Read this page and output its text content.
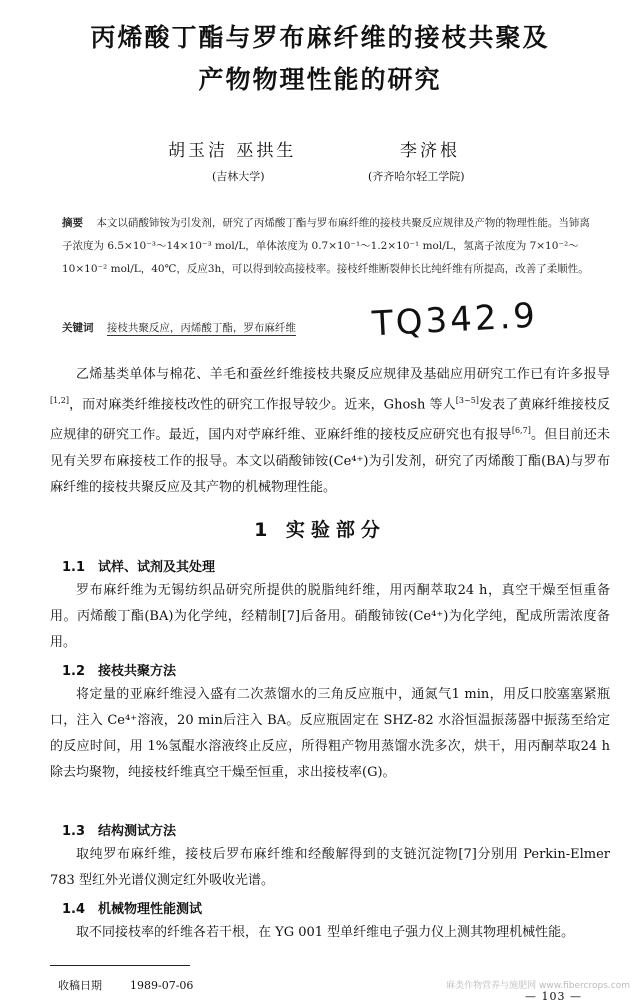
丙烯酸丁酯与罗布麻纤维的接枝共聚及
产物物理性能的研究
胡玉洁 巫拱生	李济根
(吉林大学)	(齐齐哈尔轻工学院)
摘要 本文以硝酸铈铵为引发剂，研究了丙烯酸丁酯与罗布麻纤维的接枝共聚反应规律及产物的物理性能。当铈离子浓度为 6.5×10⁻³～14×10⁻³ mol/L，单体浓度为 0.7×10⁻¹～1.2×10⁻¹ mol/L，氢离子浓度为 7×10⁻²～10×10⁻² mol/L，40℃，反应3h，可以得到较高接枝率。接枝纤维断裂伸长比纯纤维有所提高，改善了柔顺性。
关键词 接枝共聚反应，丙烯酸丁酯，罗布麻纤维 TQ342.9
乙烯基类单体与棉花、羊毛和蚕丝纤维接枝共聚反应规律及基础应用研究工作已有许多报导[1,2]，而对麻类纤维接枝改性的研究工作报导较少。近来，Ghosh 等人[3~5]发表了黄麻纤维接枝反应规律的研究工作。最近，国内对苧麻纤维、亚麻纤维的接枝反应研究也有报导[6,7]。但目前还未见有关罗布麻接枝工作的报导。本文以硝酸铈铵(Ce⁴⁺)为引发剂，研究了丙烯酸丁酯(BA)与罗布麻纤维的接枝共聚反应及其产物的机械物理性能。
1 实验部分
1.1 试样、试剂及其处理
罗布麻纤维为无锡纺织品研究所提供的脱脂纯纤维，用丙酮萃取24 h，真空干燥至恒重备用。丙烯酸丁酯(BA)为化学纯，经精制[7]后备用。硝酸铈铵(Ce⁴⁺)为化学纯，配成所需浓度备用。
1.2 接枝共聚方法
将定量的亚麻纤维浸入盛有二次蒸馏水的三角反应瓶中，通氮气1 min，用反口胶塞塞紧瓶口，注入 Ce⁴⁺溶液，20 min后注入 BA。反应瓶固定在 SHZ-82 水浴恒温振荡器中振荡至给定的反应时间，用 1%氢醌水溶液终止反应，所得粗产物用蒸馏水洗多次，烘干，用丙酮萃取24 h除去均聚物，纯接枝纤维真空干燥至恒重，求出接枝率(G)。
1.3 结构测试方法
取纯罗布麻纤维，接枝后罗布麻纤维和经酸解得到的支链沉淀物[7]分别用 Perkin-Elmer 783 型红外光谱仪测定红外吸收光谱。
1.4 机械物理性能测试
取不同接枝率的纤维各若干根，在 YG 001 型单纤维电子强力仪上测其物理机械性能。
收稿日期	1989-07-06	麻类作物营养与施肥网 www.fibercrops.com
— 103 —
